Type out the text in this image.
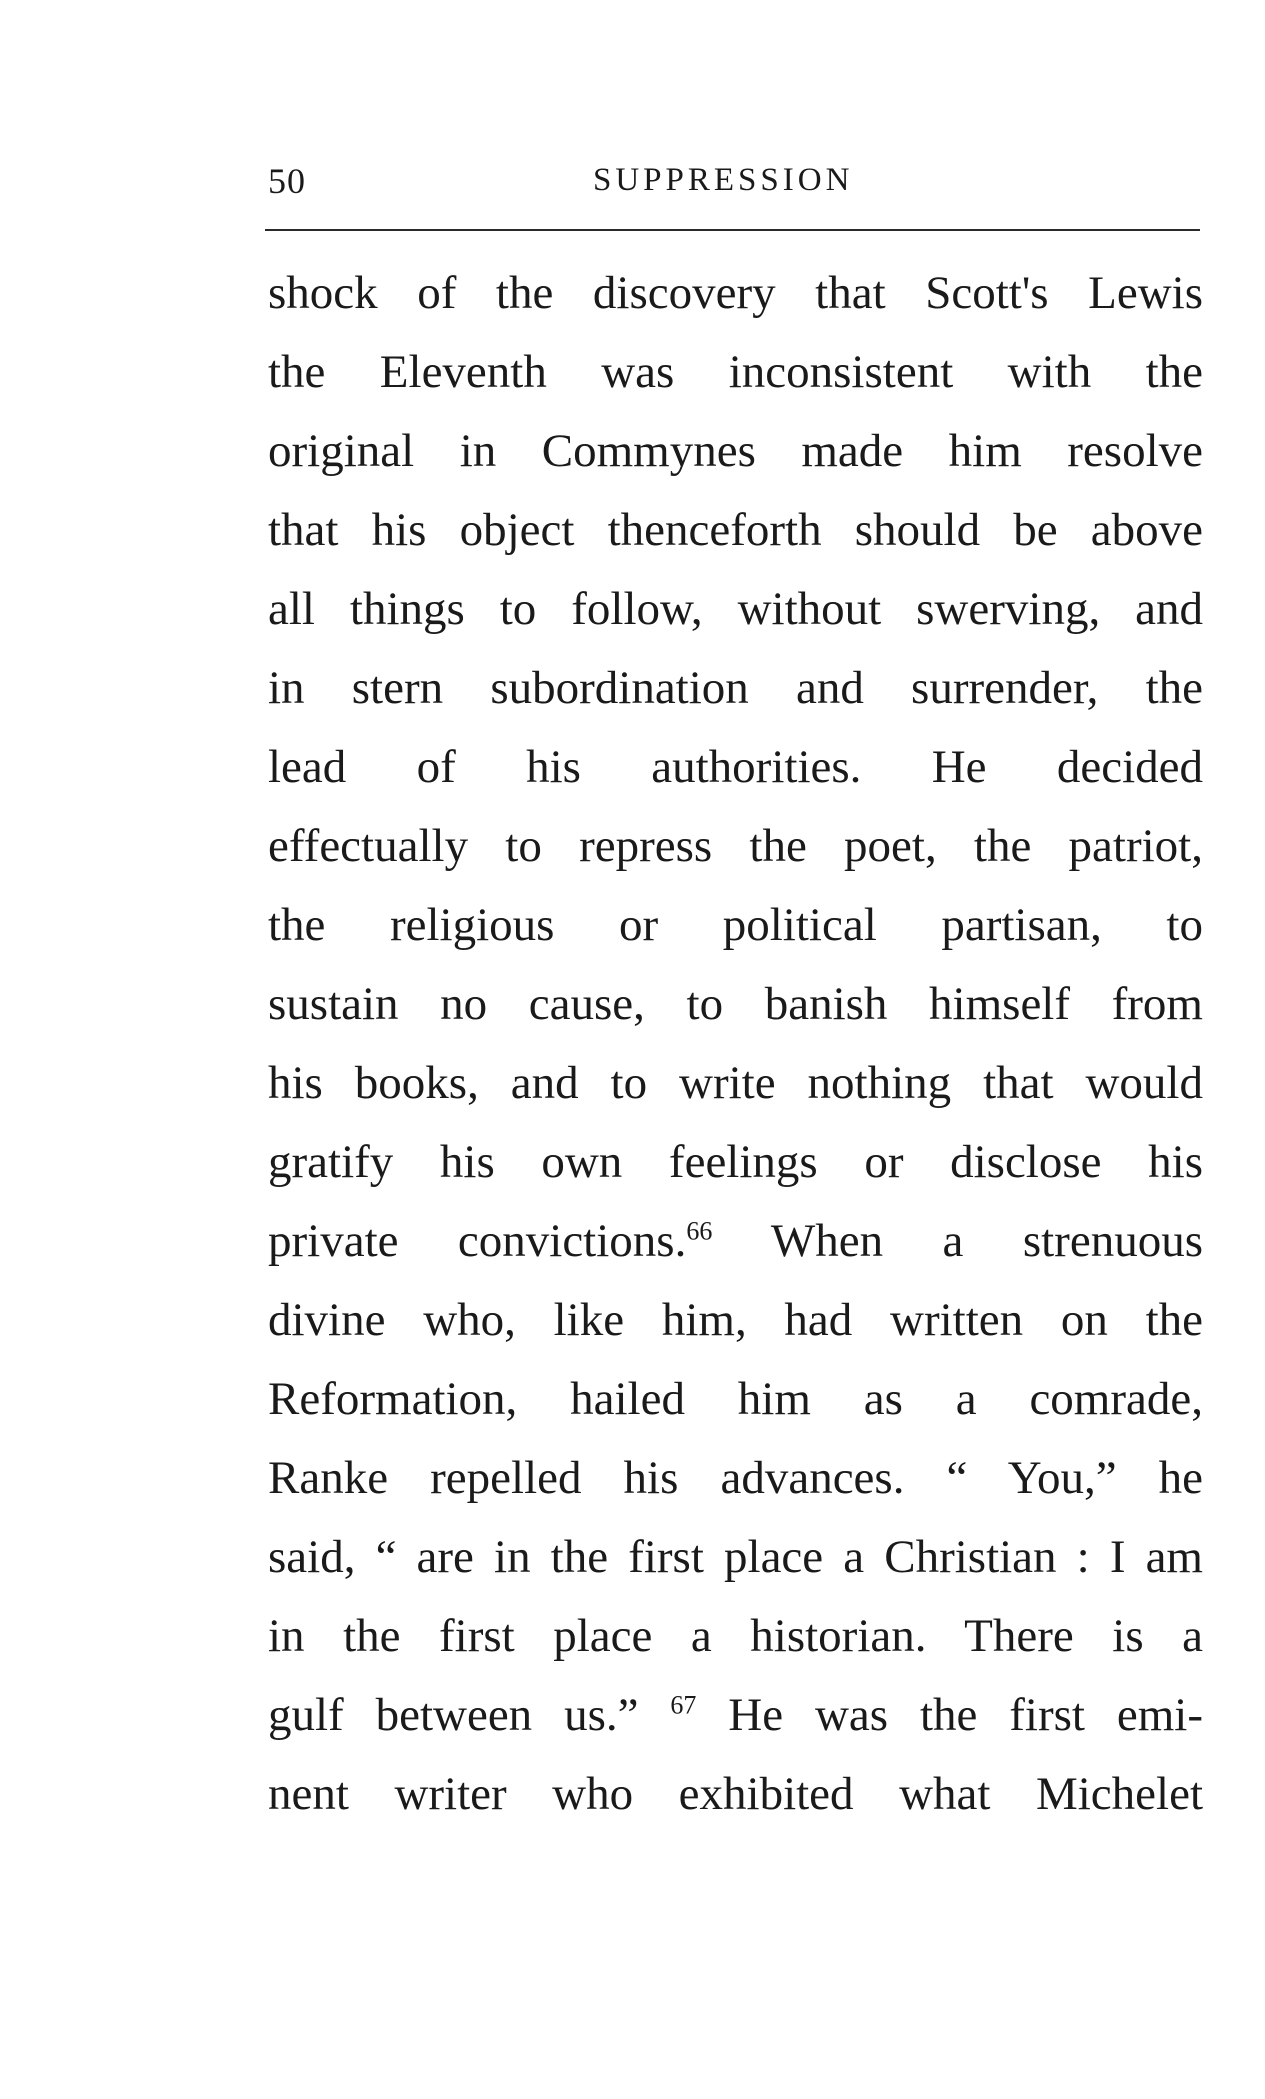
50	SUPPRESSION
shock of the discovery that Scott's Lewis
the Eleventh was inconsistent with the
original in Commynes made him resolve
that his object thenceforth should be above
all things to follow, without swerving, and
in stern subordination and surrender, the
lead of his authorities. He decided
effectually to repress the poet, the patriot,
the religious or political partisan, to
sustain no cause, to banish himself from
his books, and to write nothing that would
gratify his own feelings or disclose his
private convictions.$^{66}$ When a strenuous
divine who, like him, had written on the
Reformation, hailed him as a comrade,
Ranke repelled his advances. “ You,” he
said, “ are in the first place a Christian : I am
in the first place a historian. There is a
gulf between us.” $^{67}$ He was the first emi-
nent writer who exhibited what Michelet
